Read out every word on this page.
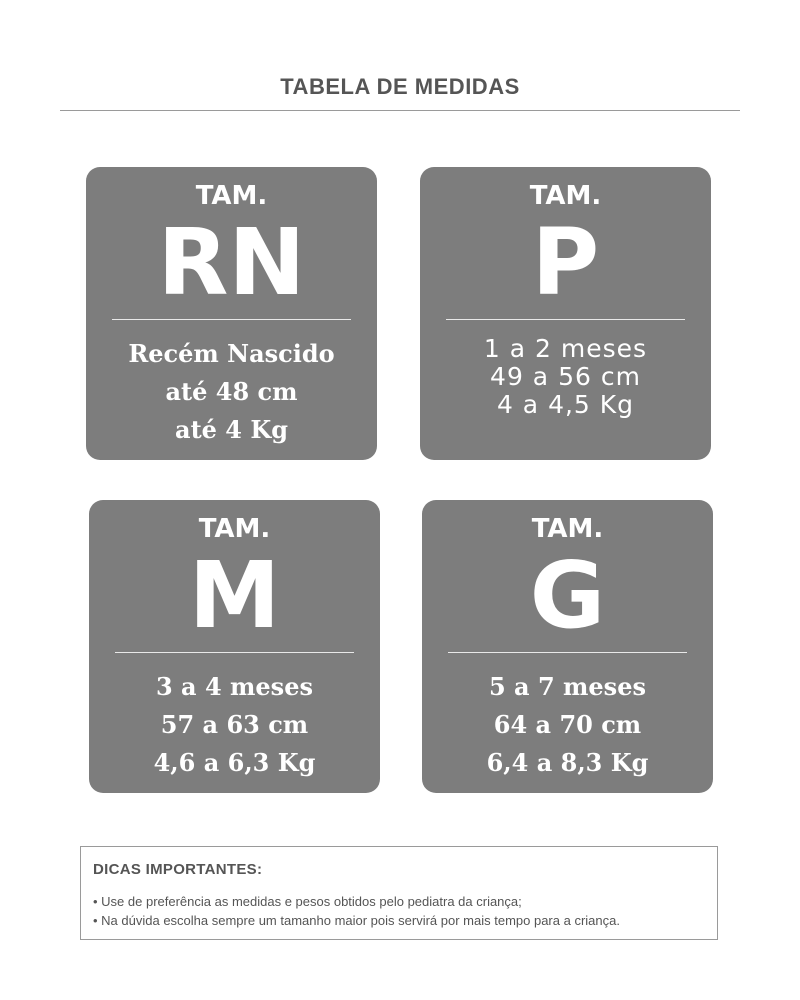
TABELA DE MEDIDAS
TAM.
RN
Recém Nascido
até 48 cm
até 4 Kg
TAM.
P
1 a 2 meses
49 a 56 cm
4 a 4,5 Kg
TAM.
M
3 a 4 meses
57 a 63 cm
4,6 a 6,3 Kg
TAM.
G
5 a 7 meses
64 a 70 cm
6,4 a 8,3 Kg
DICAS IMPORTANTES:
• Use de preferência as medidas e pesos obtidos pelo pediatra da criança;
• Na dúvida escolha sempre um tamanho maior pois servirá por mais tempo para a criança.
